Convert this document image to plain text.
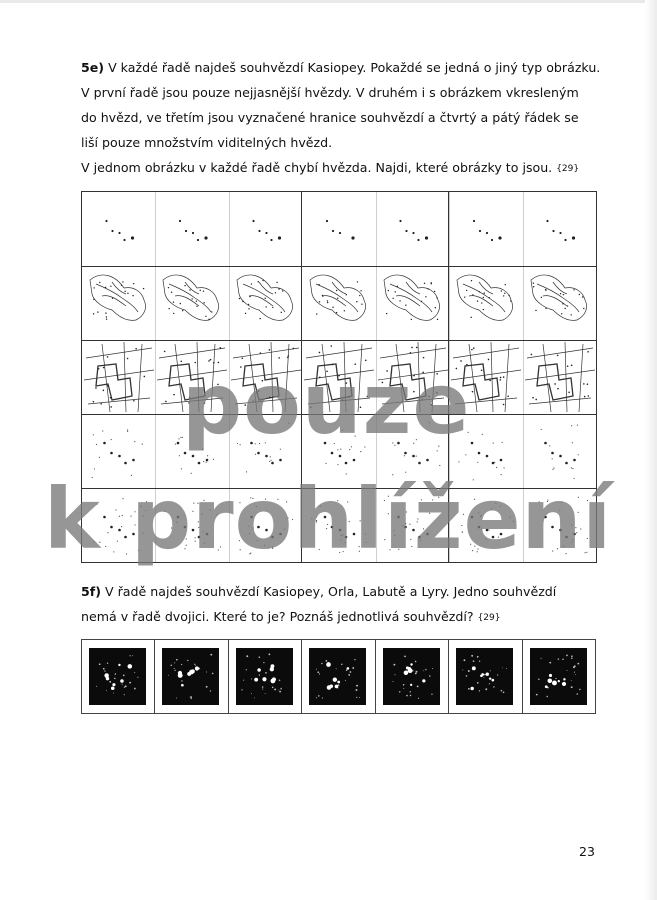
5e) V každé řadě najdeš souhvězdí Kasiopey. Pokaždé se jedná o jiný typ obrázku.
V první řadě jsou pouze nejjasnější hvězdy. V druhém i s obrázkem vkresleným
do hvězd, ve třetím jsou vyznačené hranice souhvězdí a čtvrtý a pátý řádek se
liší pouze množstvím viditelných hvězd.
V jednom obrázku v každé řadě chybí hvězda. Najdi, které obrázky to jsou. {29}
5f) V řadě najdeš souhvězdí Kasiopey, Orla, Labutě a Lyry. Jedno souhvězdí
nemá v řadě dvojici. Které to je? Poznáš jednotlivá souhvězdí? {29}
pouze
k prohlížení
23
